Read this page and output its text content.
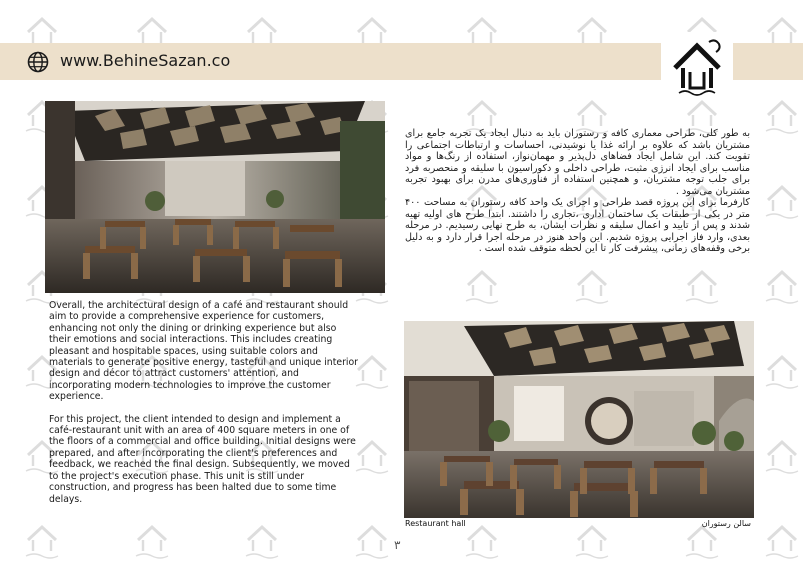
www.BehineSazan.co

به طور کلی، طراحی معماری کافه و رستوران باید به دنبال ایجاد یک تجربه جامع برای مشتریان باشد که علاوه بر ارائه غذا یا نوشیدنی، احساسات و ارتباطات اجتماعی را تقویت کند. این شامل ایجاد فضاهای دل‌پذیر و مهمان‌نواز، استفاده از رنگ‌ها و مواد مناسب برای ایجاد انرژی مثبت، طراحی داخلی و دکوراسیون با سلیقه و منحصربه فرد برای جلب توجه مشتریان، و همچنین استفاده از فناوری‌های مدرن برای بهبود تجربه مشتریان می‌شود .

کارفرما برای این پروژه قصد طراحی و اجرای یک واحد کافه رستوران به مساحت ۴۰۰ متر در یکی از طبقات یک ساختمان اداری ،تجاری را داشتند. ابتدا طرح های اولیه تهیه شدند و پس از تایید و اعمال سلیقه و نظرات ایشان، به طرح نهایی رسیدیم. در مرحله بعدی، وارد فاز اجرایی پروژه شدیم. این واحد هنوز در مرحله اجرا قرار دارد و به دلیل برخی وقفه‌های زمانی، پیشرفت کار تا این لحظه متوقف شده است .

Overall, the architectural design of a café and restaurant should aim to provide a comprehensive experience for customers, enhancing not only the dining or drinking experience but also their emotions and social interactions. This includes creating pleasant and hospitable spaces, using suitable colors and materials to generate positive energy, tasteful and unique interior design and décor to attract customers' attention, and incorporating modern technologies to improve the customer experience.

For this project, the client intended to design and implement a café-restaurant unit with an area of 400 square meters in one of the floors of a commercial and office building. Initial designs were prepared, and after incorporating the client's preferences and feedback, we reached the final design. Subsequently, we moved to the project's execution phase. This unit is still under construction, and progress has been halted due to some time delays.

Restaurant hall	سالن رستوران
۳
